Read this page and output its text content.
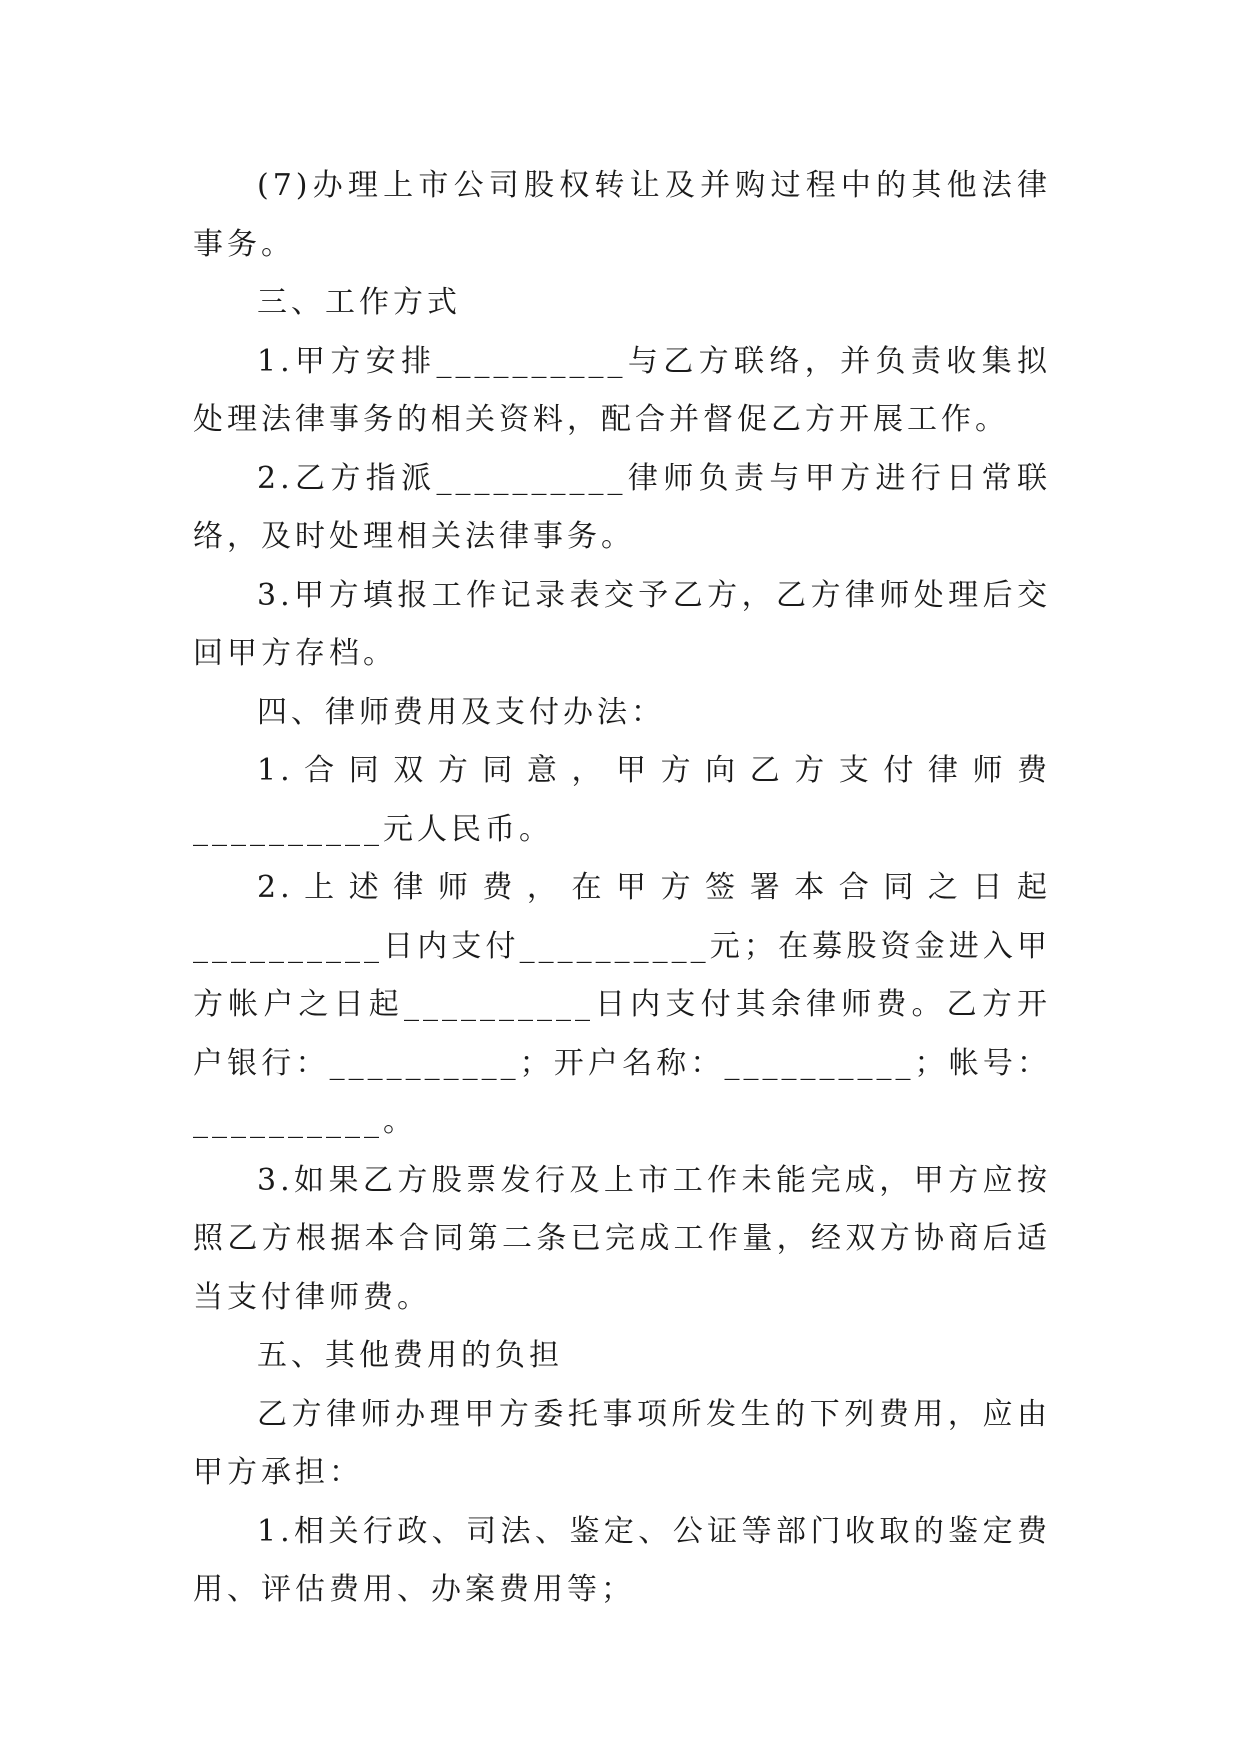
(7)办理上市公司股权转让及并购过程中的其他法律事务。

三、工作方式

1.甲方安排__________与乙方联络，并负责收集拟处理法律事务的相关资料，配合并督促乙方开展工作。

2.乙方指派__________律师负责与甲方进行日常联络，及时处理相关法律事务。

3.甲方填报工作记录表交予乙方，乙方律师处理后交回甲方存档。

四、律师费用及支付办法：

1.合同双方同意，甲方向乙方支付律师费__________元人民币。

2.上述律师费，在甲方签署本合同之日起__________日内支付__________元；在募股资金进入甲方帐户之日起__________日内支付其余律师费。乙方开户银行：__________；开户名称：__________；帐号：__________。

3.如果乙方股票发行及上市工作未能完成，甲方应按照乙方根据本合同第二条已完成工作量，经双方协商后适当支付律师费。

五、其他费用的负担

乙方律师办理甲方委托事项所发生的下列费用，应由甲方承担：

1.相关行政、司法、鉴定、公证等部门收取的鉴定费用、评估费用、办案费用等；
